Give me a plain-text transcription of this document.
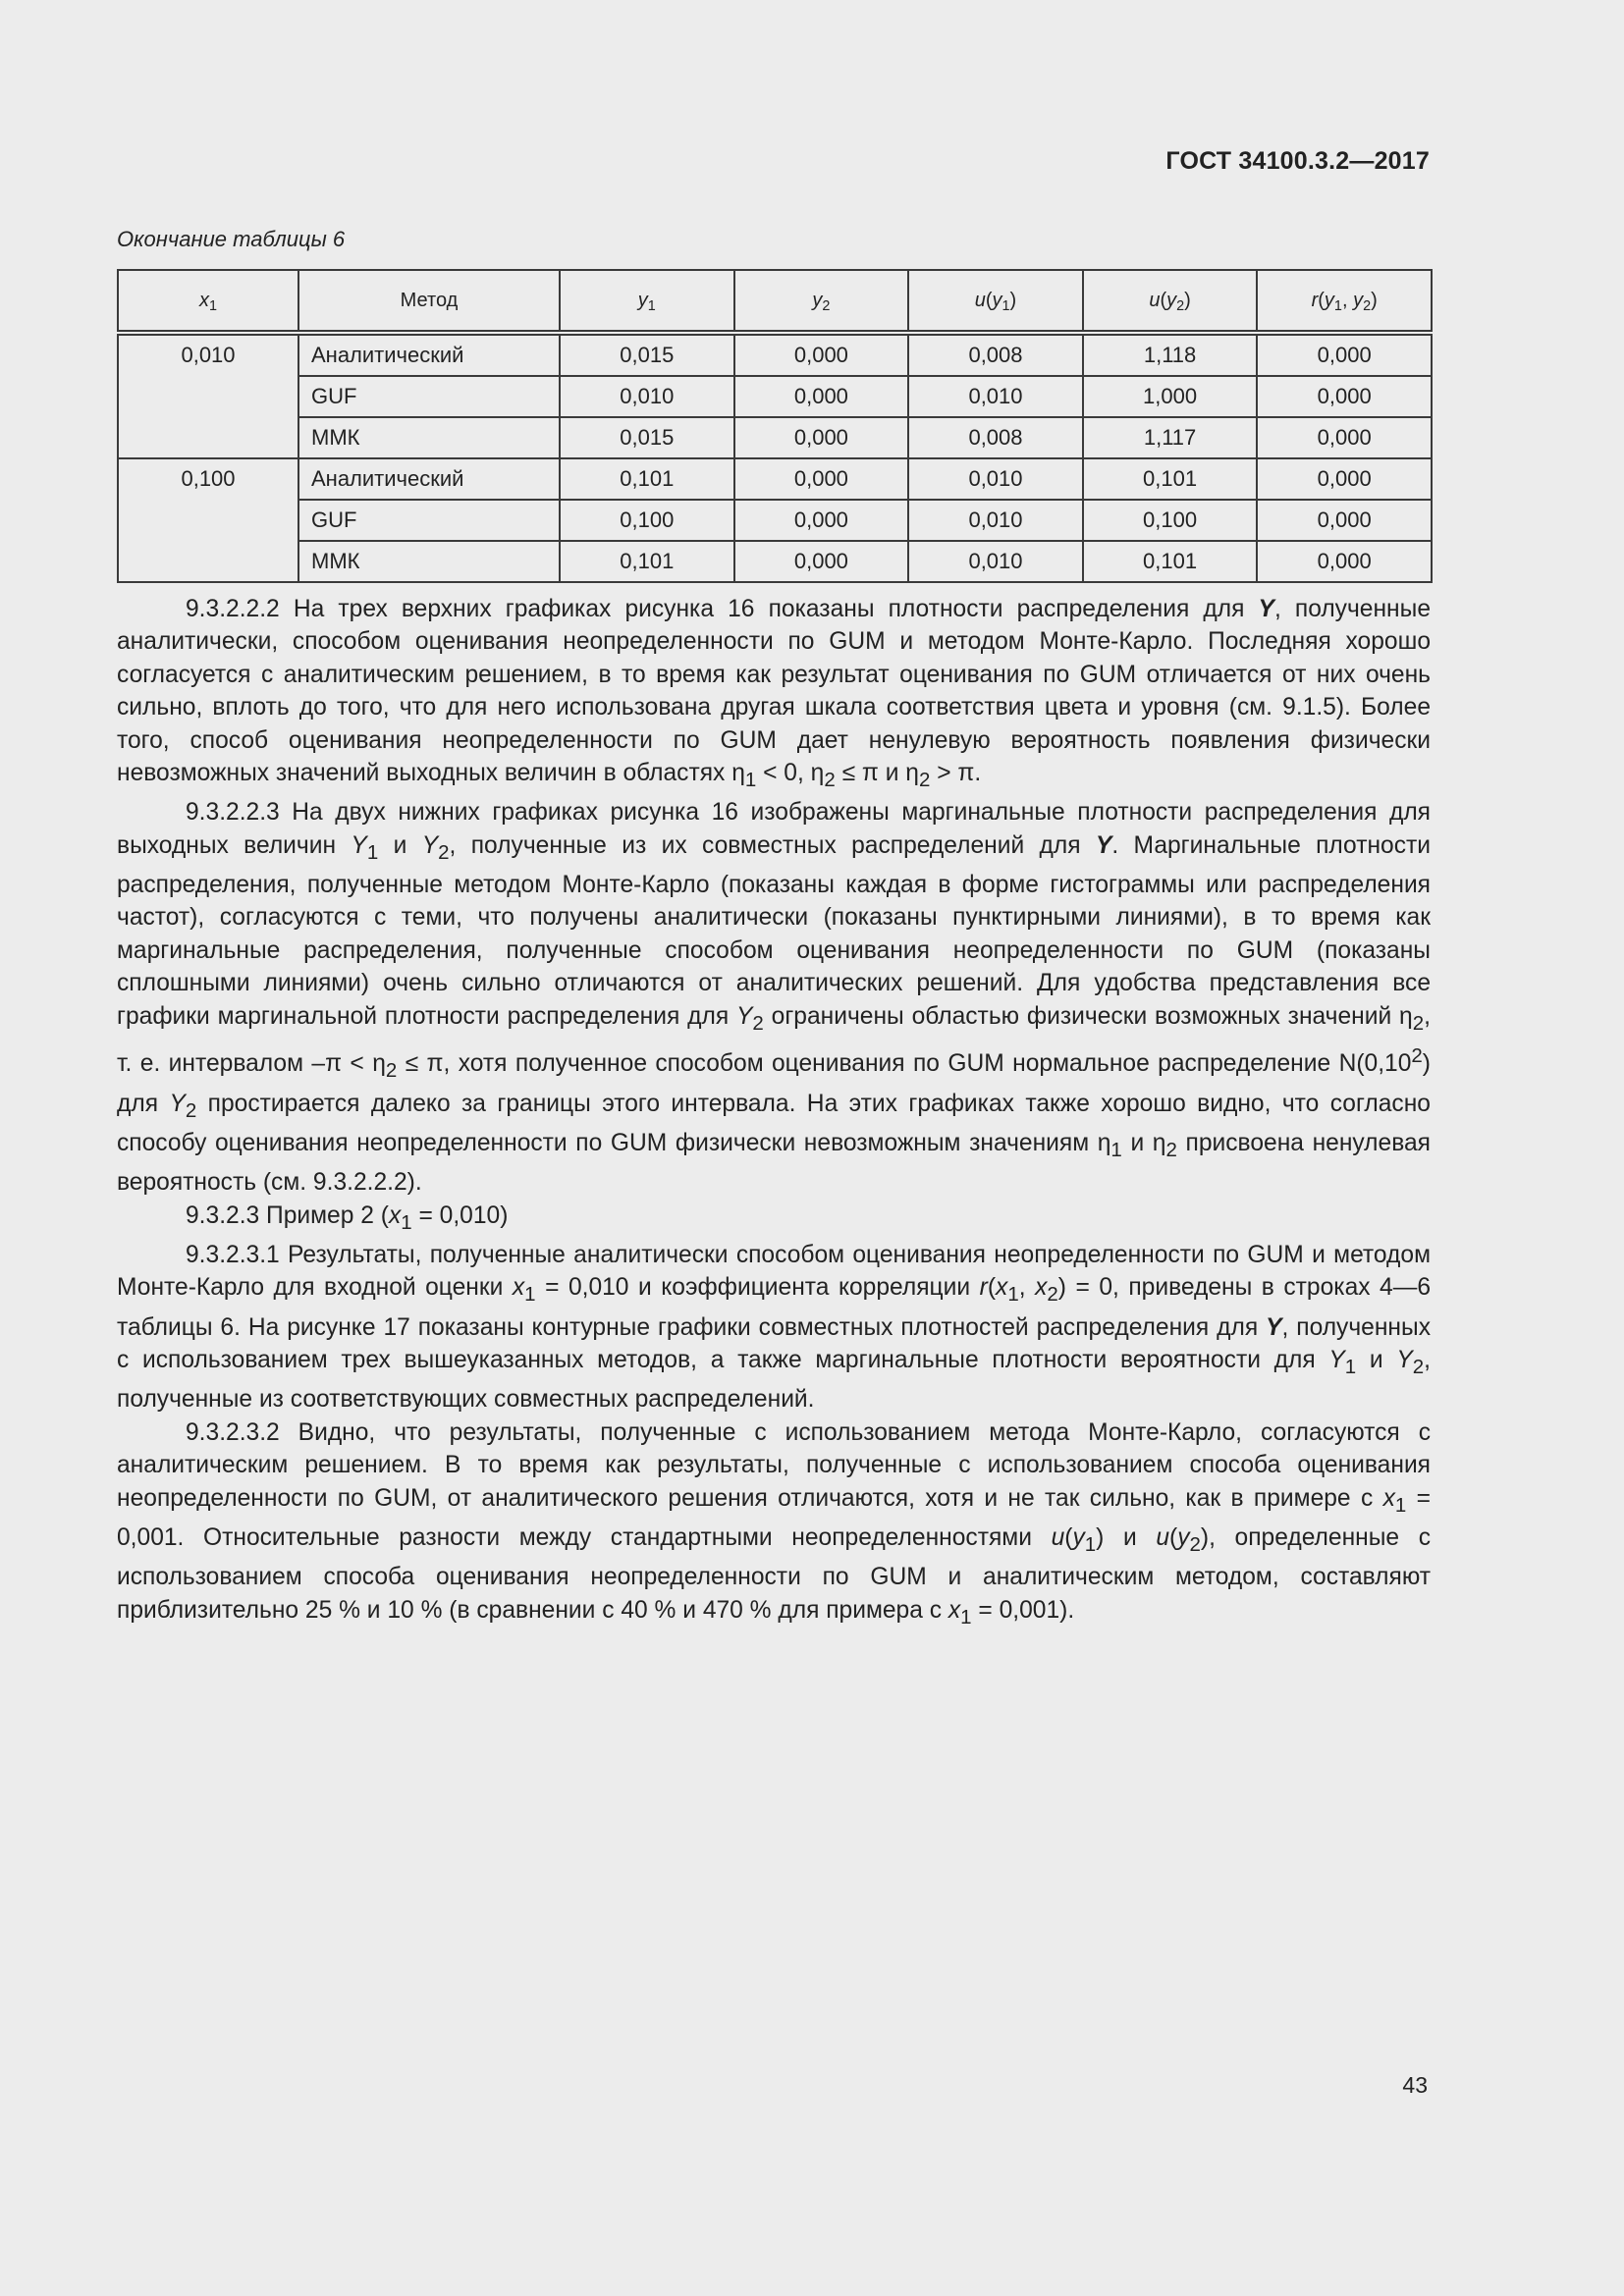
ГОСТ 34100.3.2—2017
Окончание таблицы 6
$x_1$	Метод	$y_1$	$y_2$	$u(y_1)$	$u(y_2)$	$r(y_1$, $y_2$)
0,010	Аналитический	0,015	0,000	0,008	1,118	0,000
	GUF	0,010	0,000	0,010	1,000	0,000
	ММК	0,015	0,000	0,008	1,117	0,000
0,100	Аналитический	0,101	0,000	0,010	0,101	0,000
	GUF	0,100	0,000	0,010	0,100	0,000
	ММК	0,101	0,000	0,010	0,101	0,000

9.3.2.2.2 На трех верхних графиках рисунка 16 показаны плотности распределения для Y, полученные аналитически, способом оценивания неопределенности по GUM и методом Монте-Карло. Последняя хорошо согласуется с аналитическим решением, в то время как результат оценивания по GUM отличается от них очень сильно, вплоть до того, что для него использована другая шкала соответствия цвета и уровня (см. 9.1.5). Более того, способ оценивания неопределенности по GUM дает ненулевую вероятность появления физически невозможных значений выходных величин в областях $\eta_1 < 0$, $\eta_2 \le \pi$ и $\eta_2 > \pi$.

9.3.2.2.3 На двух нижних графиках рисунка 16 изображены маргинальные плотности распределения для выходных величин $Y_1$ и $Y_2$, полученные из их совместных распределений для Y. Маргинальные плотности распределения, полученные методом Монте-Карло (показаны каждая в форме гистограммы или распределения частот), согласуются с теми, что получены аналитически (показаны пунктирными линиями), в то время как маргинальные распределения, полученные способом оценивания неопределенности по GUM (показаны сплошными линиями) очень сильно отличаются от аналитических решений. Для удобства представления все графики маргинальной плотности распределения для $Y_2$ ограничены областью физически возможных значений $\eta_2$, т. е. интервалом $-\pi < \eta_2 \le \pi$, хотя полученное способом оценивания по GUM нормальное распределение N(0,10$^2$) для $Y_2$ простирается далеко за границы этого интервала. На этих графиках также хорошо видно, что согласно способу оценивания неопределенности по GUM физически невозможным значениям $\eta_1$ и $\eta_2$ присвоена ненулевая вероятность (см. 9.3.2.2.2).

9.3.2.3 Пример 2 $(x_1 = 0,010)$

9.3.2.3.1 Результаты, полученные аналитически способом оценивания неопределенности по GUM и методом Монте-Карло для входной оценки $x_1 = 0,010$ и коэффициента корреляции $r(x_1$, $x_2) = 0$, приведены в строках 4—6 таблицы 6. На рисунке 17 показаны контурные графики совместных плотностей распределения для Y, полученных с использованием трех вышеуказанных методов, а также маргинальные плотности вероятности для $Y_1$ и $Y_2$, полученные из соответствующих совместных распределений.

9.3.2.3.2 Видно, что результаты, полученные с использованием метода Монте-Карло, согласуются с аналитическим решением. В то время как результаты, полученные с использованием способа оценивания неопределенности по GUM, от аналитического решения отличаются, хотя и не так сильно, как в примере с $x_1 = 0,001$. Относительные разности между стандартными неопределенностями $u(y_1)$ и $u(y_2)$, определенные с использованием способа оценивания неопределенности по GUM и аналитическим методом, составляют приблизительно 25 % и 10 % (в сравнении с 40 % и 470 % для примера с $x_1 = 0,001$).

43
